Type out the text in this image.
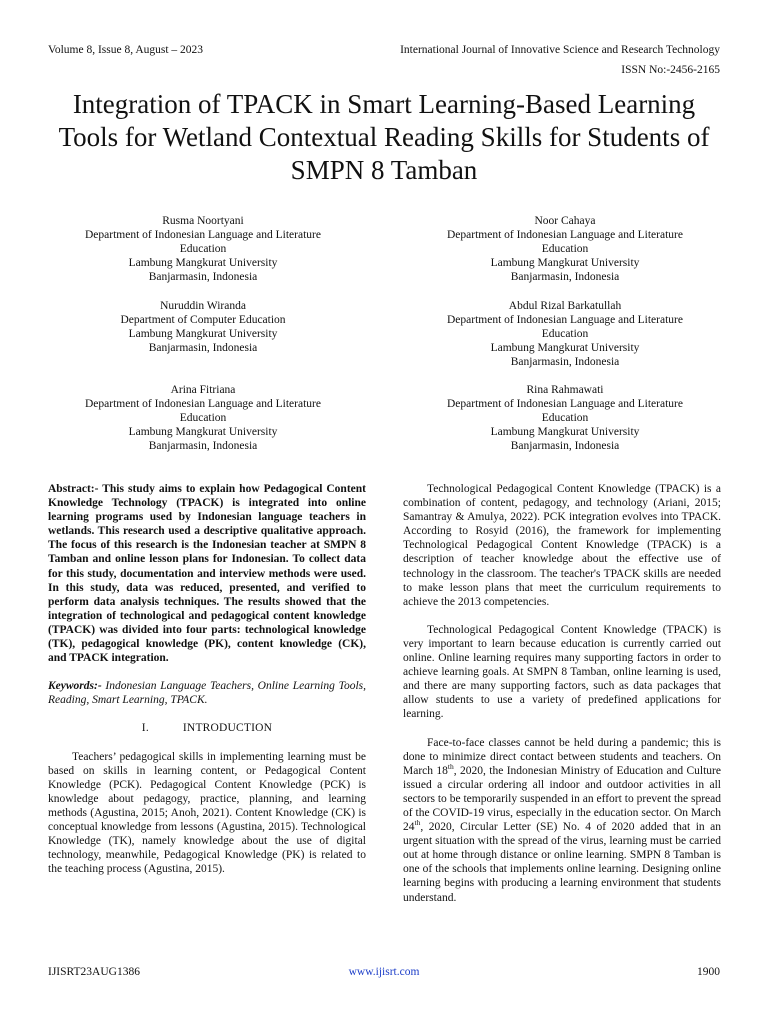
Volume 8, Issue 8, August – 2023	International Journal of Innovative Science and Research Technology
ISSN No:-2456-2165
Integration of TPACK in Smart Learning-Based Learning Tools for Wetland Contextual Reading Skills for Students of SMPN 8 Tamban
Rusma Noortyani
Department of Indonesian Language and Literature
Education
Lambung Mangkurat University
Banjarmasin, Indonesia
Noor Cahaya
Department of Indonesian Language and Literature
Education
Lambung Mangkurat University
Banjarmasin, Indonesia
Nuruddin Wiranda
Department of Computer Education
Lambung Mangkurat University
Banjarmasin, Indonesia
Abdul Rizal Barkatullah
Department of Indonesian Language and Literature
Education
Lambung Mangkurat University
Banjarmasin, Indonesia
Arina Fitriana
Department of Indonesian Language and Literature
Education
Lambung Mangkurat University
Banjarmasin, Indonesia
Rina Rahmawati
Department of Indonesian Language and Literature
Education
Lambung Mangkurat University
Banjarmasin, Indonesia

Abstract:- This study aims to explain how Pedagogical Content Knowledge Technology (TPACK) is integrated into online learning programs used by Indonesian language teachers in wetlands. This research used a descriptive qualitative approach. The focus of this research is the Indonesian teacher at SMPN 8 Tamban and online lesson plans for Indonesian. To collect data for this study, documentation and interview methods were used. In this study, data was reduced, presented, and verified to perform data analysis techniques. The results showed that the integration of technological and pedagogical content knowledge (TPACK) was divided into four parts: technological knowledge (TK), pedagogical knowledge (PK), content knowledge (CK), and TPACK integration.

Keywords:- Indonesian Language Teachers, Online Learning Tools, Reading, Smart Learning, TPACK.

I.	INTRODUCTION

Teachers’ pedagogical skills in implementing learning must be based on skills in learning content, or Pedagogical Content Knowledge (PCK). Pedagogical Content Knowledge (PCK) is knowledge about pedagogy, practice, planning, and learning methods (Agustina, 2015; Anoh, 2021). Content Knowledge (CK) is conceptual knowledge from lessons (Agustina, 2015). Technological Knowledge (TK), namely knowledge about the use of digital technology, meanwhile, Pedagogical Knowledge (PK) is related to the teaching process (Agustina, 2015).

Technological Pedagogical Content Knowledge (TPACK) is a combination of content, pedagogy, and technology (Ariani, 2015; Samantray & Amulya, 2022). PCK integration evolves into TPACK. According to Rosyid (2016), the framework for implementing Technological Pedagogical Content Knowledge (TPACK) is a description of teacher knowledge about the effective use of technology in the classroom. The teacher's TPACK skills are needed to make lesson plans that meet the curriculum requirements to achieve the 2013 competencies.

Technological Pedagogical Content Knowledge (TPACK) is very important to learn because education is currently carried out online. Online learning requires many supporting factors in order to achieve learning goals. At SMPN 8 Tamban, online learning is used, and there are many supporting factors, such as data packages that allow students to use a variety of predefined applications for learning.

Face-to-face classes cannot be held during a pandemic; this is done to minimize direct contact between students and teachers. On March 18th, 2020, the Indonesian Ministry of Education and Culture issued a circular ordering all indoor and outdoor activities in all sectors to be temporarily suspended in an effort to prevent the spread of the COVID-19 virus, especially in the education sector. On March 24th, 2020, Circular Letter (SE) No. 4 of 2020 added that in an urgent situation with the spread of the virus, learning must be carried out at home through distance or online learning. SMPN 8 Tamban is one of the schools that implements online learning. Designing online learning begins with producing a learning environment that students understand.

IJISRT23AUG1386	www.ijisrt.com	1900
